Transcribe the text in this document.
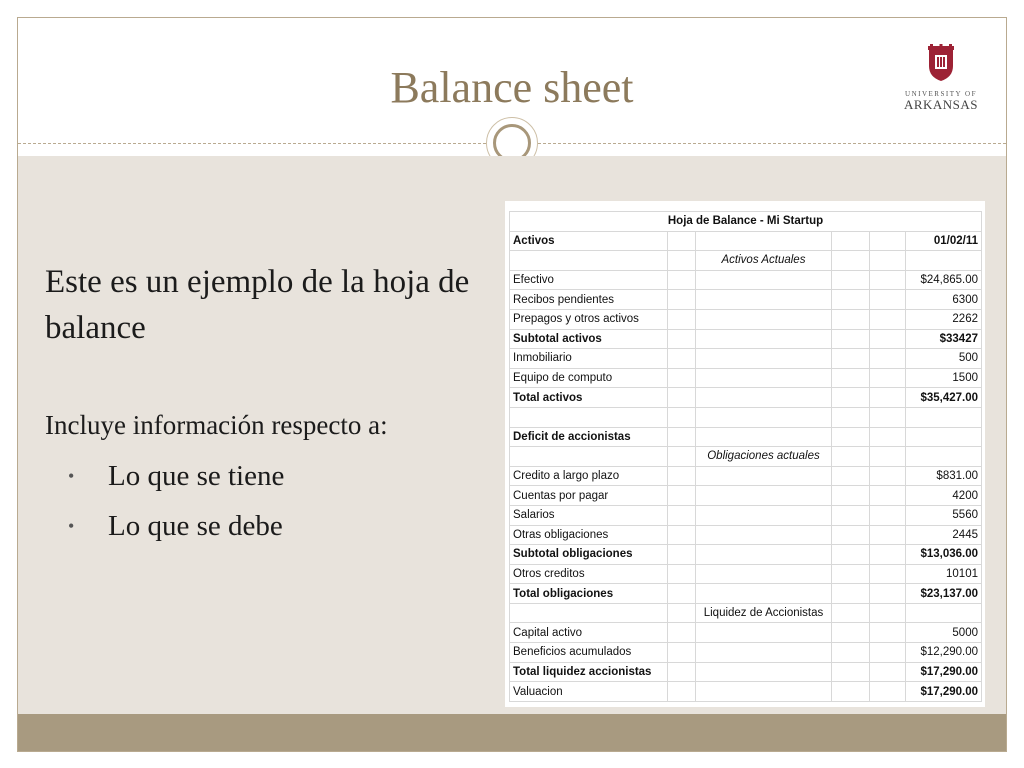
Balance sheet	UNIVERSITY OF
ARKANSAS
Este es un ejemplo de la hoja de balance
Incluye información respecto a:
• Lo que se tiene
• Lo que se debe
Hoja de Balance - Mi Startup					
Activos					01/02/11
		Activos Actuales			
Efectivo					$24,865.00
Recibos pendientes					6300
Prepagos y otros activos					2262
Subtotal activos					$33427
Inmobiliario					500
Equipo de computo					1500
Total activos					$35,427.00

Deficit de accionistas					
		Obligaciones actuales			
Credito a largo plazo					$831.00
Cuentas por pagar					4200
Salarios					5560
Otras obligaciones					2445
Subtotal obligaciones					$13,036.00
Otros creditos					10101
Total obligaciones					$23,137.00
		Liquidez de Accionistas			
Capital activo					5000
Beneficios acumulados					$12,290.00
Total liquidez accionistas					$17,290.00
Valuacion					$17,290.00
